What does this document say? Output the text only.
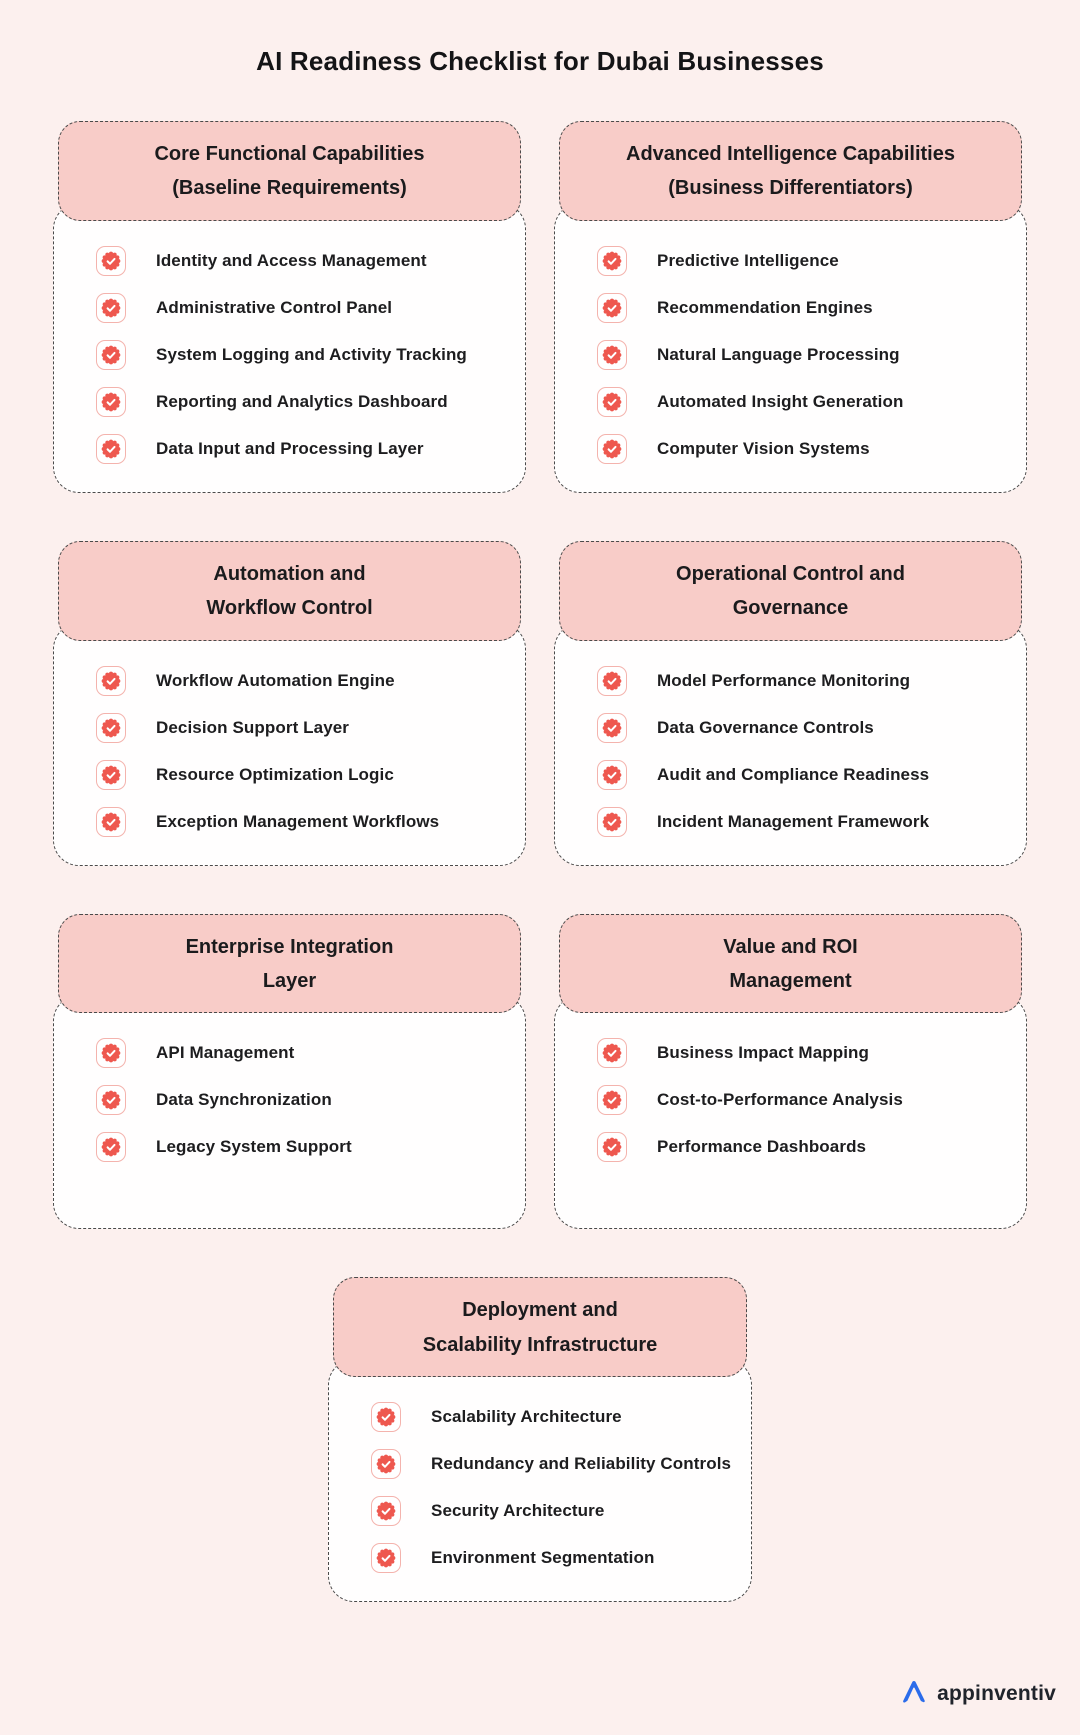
AI Readiness Checklist for Dubai Businesses
Core Functional Capabilities
(Baseline Requirements)
Identity and Access Management
Administrative Control Panel
System Logging and Activity Tracking
Reporting and Analytics Dashboard
Data Input and Processing Layer
Advanced Intelligence Capabilities
(Business Differentiators)
Predictive Intelligence
Recommendation Engines
Natural Language Processing
Automated Insight Generation
Computer Vision Systems
Automation and
Workflow Control
Workflow Automation Engine
Decision Support Layer
Resource Optimization Logic
Exception Management Workflows
Operational Control and
Governance
Model Performance Monitoring
Data Governance Controls
Audit and Compliance Readiness
Incident Management Framework
Enterprise Integration
Layer
API Management
Data Synchronization
Legacy System Support
Value and ROI
Management
Business Impact Mapping
Cost-to-Performance Analysis
Performance Dashboards
Deployment and
Scalability Infrastructure
Scalability Architecture
Redundancy and Reliability Controls
Security Architecture
Environment Segmentation
appinventiv
